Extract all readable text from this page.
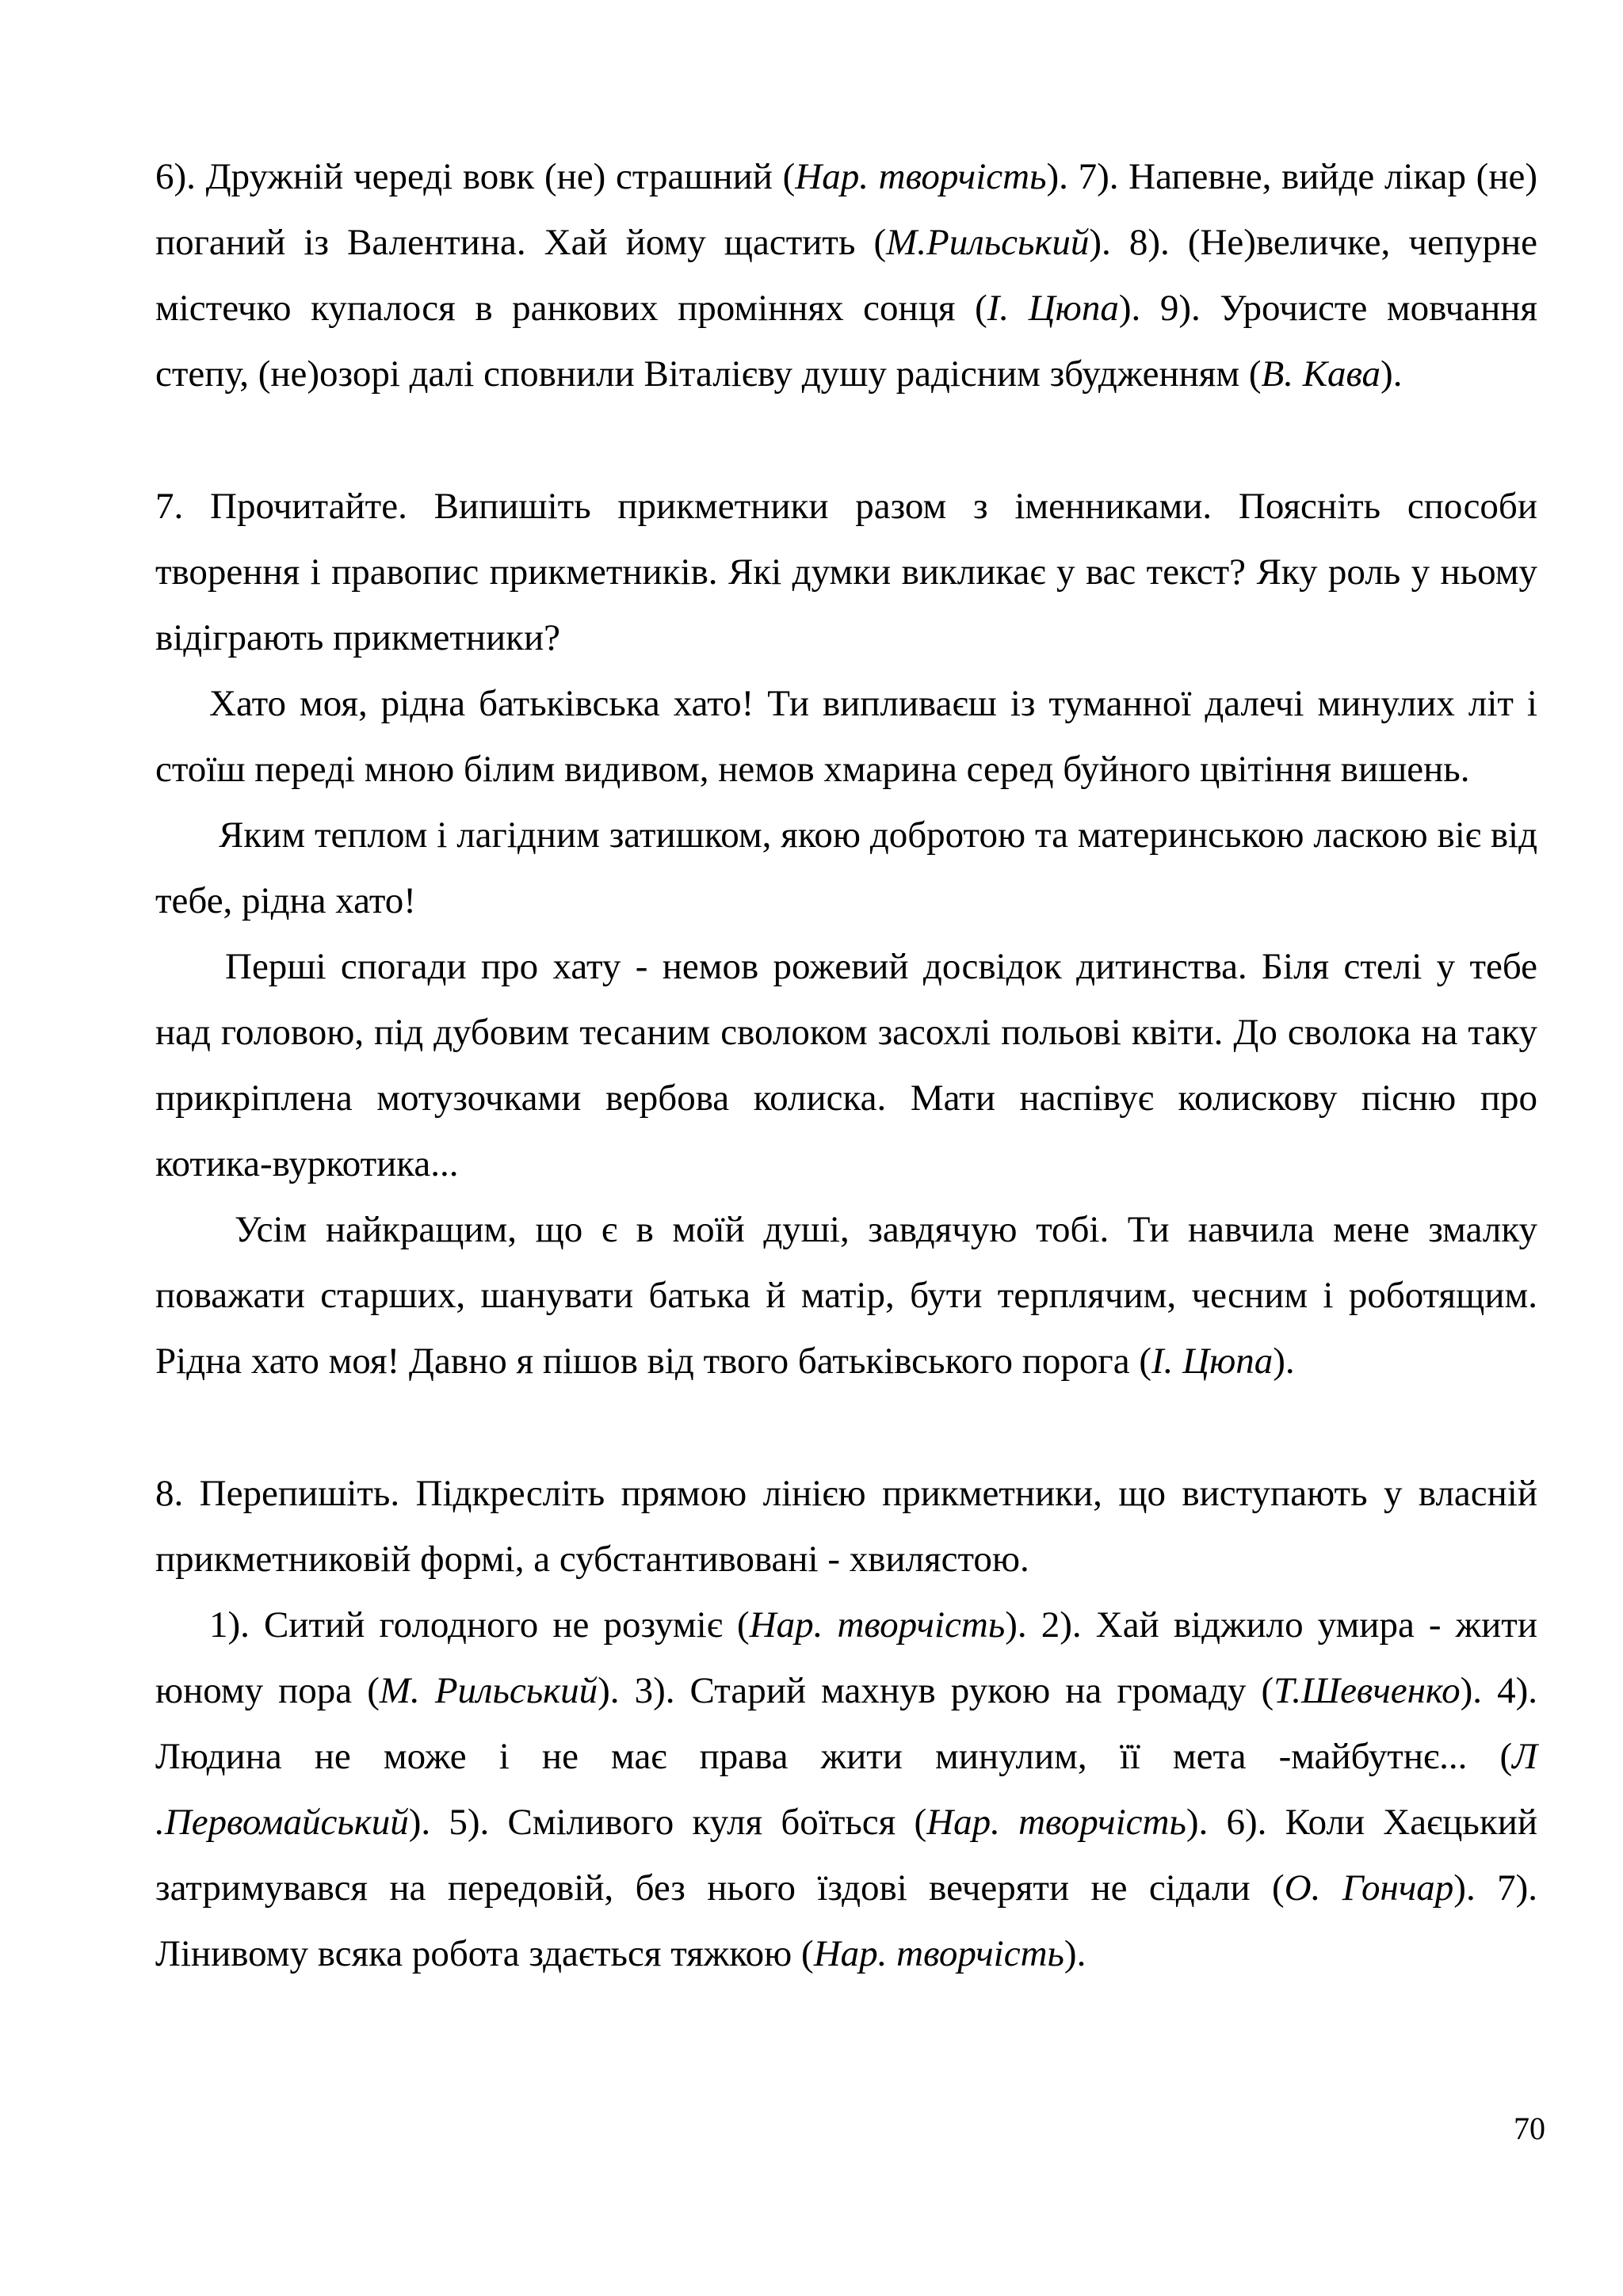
6). Дружній череді вовк (не) страшний (Нар. творчість). 7). Напевне, вийде лікар (не) поганий із Валентина. Хай йому щастить (М.Рильський). 8). (Не)величке, чепурне містечко купалося в ранкових проміннях сонця (І. Цюпа). 9). Урочисте мовчання степу, (не)озорі далі сповнили Віталієву душу радісним збудженням (В. Кава).

7. Прочитайте. Випишіть прикметники разом з іменниками. Поясніть способи творення і правопис прикметників. Які думки викликає у вас текст? Яку роль у ньому відіграють прикметники?

Хато моя, рідна батьківська хато! Ти випливаєш із туманної далечі минулих літ і стоїш переді мною білим видивом, немов хмарина серед буйного цвітіння вишень.

Яким теплом і лагідним затишком, якою добротою та материнською ласкою віє від тебе, рідна хато!

Перші спогади про хату - немов рожевий досвідок дитинства. Біля стелі у тебе над головою, під дубовим тесаним сволоком засохлі польові квіти. До сволока на таку прикріплена мотузочками вербова колиска. Мати наспівує колискову пісню про котика-вуркотика...

Усім найкращим, що є в моїй душі, завдячую тобі. Ти навчила мене змалку поважати старших, шанувати батька й матір, бути терплячим, чесним і роботящим. Рідна хато моя! Давно я пішов від твого батьківського порога (І. Цюпа).

8. Перепишіть. Підкресліть прямою лінією прикметники, що виступають у власній прикметниковій формі, а субстантивовані - хвилястою.

1). Ситий голодного не розуміє (Нар. творчість). 2). Хай віджило умира - жити юному пора (М. Рильський). 3). Старий махнув рукою на громаду (Т.Шевченко). 4). Людина не може і не має права жити минулим, її мета -майбутнє... (Л .Первомайський). 5). Сміливого куля боїться (Нар. творчість). 6). Коли Хаєцький затримувався на передовій, без нього їздові вечеряти не сідали (О. Гончар). 7). Лінивому всяка робота здається тяжкою (Нар. творчість).

70
